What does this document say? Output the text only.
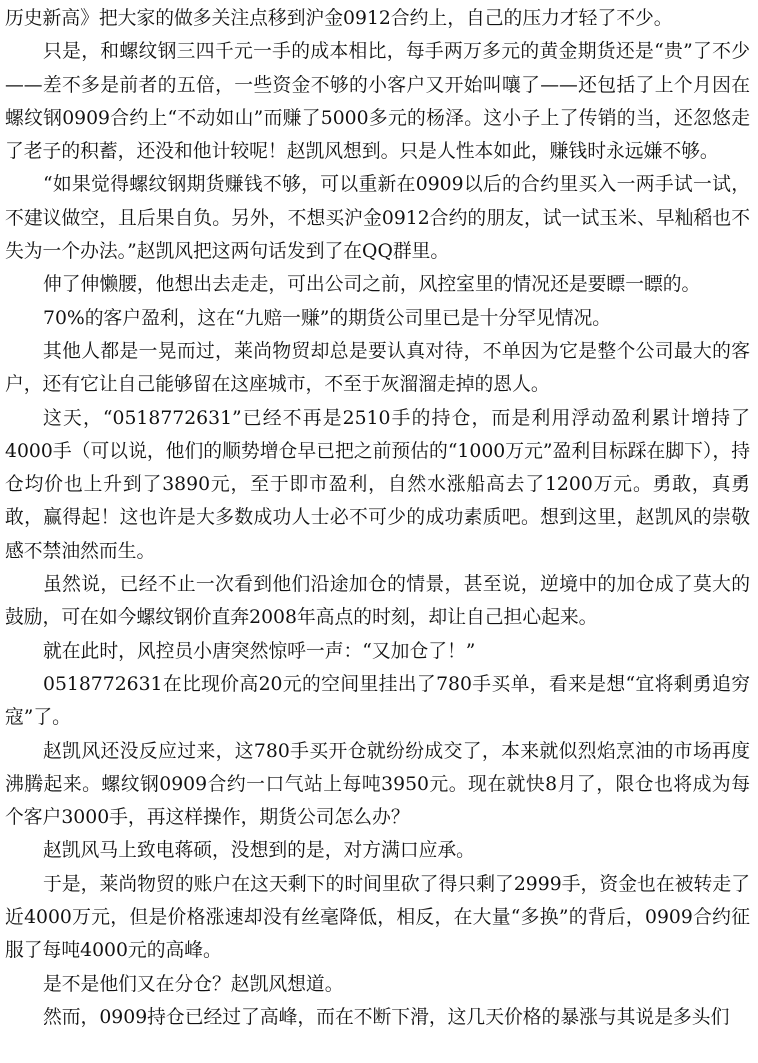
历史新高》把大家的做多关注点移到沪金0912合约上，自己的压力才轻了不少。

只是，和螺纹钢三四千元一手的成本相比，每手两万多元的黄金期货还是“贵”了不少——差不多是前者的五倍，一些资金不够的小客户又开始叫嚷了——还包括了上个月因在螺纹钢0909合约上“不动如山”而赚了5000多元的杨泽。这小子上了传销的当，还忽悠走了老子的积蓄，还没和他计较呢！赵凯风想到。只是人性本如此，赚钱时永远嫌不够。

“如果觉得螺纹钢期货赚钱不够，可以重新在0909以后的合约里买入一两手试一试，不建议做空，且后果自负。另外，不想买沪金0912合约的朋友，试一试玉米、早籼稻也不失为一个办法。”赵凯风把这两句话发到了在QQ群里。

伸了伸懒腰，他想出去走走，可出公司之前，风控室里的情况还是要瞟一瞟的。

70%的客户盈利，这在“九赔一赚”的期货公司里已是十分罕见情况。

其他人都是一晃而过，莱尚物贸却总是要认真对待，不单因为它是整个公司最大的客户，还有它让自己能够留在这座城市，不至于灰溜溜走掉的恩人。

这天，“0518772631”已经不再是2510手的持仓，而是利用浮动盈利累计增持了4000手（可以说，他们的顺势增仓早已把之前预估的“1000万元”盈利目标踩在脚下），持仓均价也上升到了3890元，至于即市盈利，自然水涨船高去了1200万元。勇敢，真勇敢，赢得起！这也许是大多数成功人士必不可少的成功素质吧。想到这里，赵凯风的崇敬感不禁油然而生。

虽然说，已经不止一次看到他们沿途加仓的情景，甚至说，逆境中的加仓成了莫大的鼓励，可在如今螺纹钢价直奔2008年高点的时刻，却让自己担心起来。

就在此时，风控员小唐突然惊呼一声：“又加仓了！”

0518772631在比现价高20元的空间里挂出了780手买单，看来是想“宜将剩勇追穷寇”了。

赵凯风还没反应过来，这780手买开仓就纷纷成交了，本来就似烈焰烹油的市场再度沸腾起来。螺纹钢0909合约一口气站上每吨3950元。现在就快8月了，限仓也将成为每个客户3000手，再这样操作，期货公司怎么办？

赵凯风马上致电蒋硕，没想到的是，对方满口应承。

于是，莱尚物贸的账户在这天剩下的时间里砍了得只剩了2999手，资金也在被转走了近4000万元，但是价格涨速却没有丝毫降低，相反，在大量“多换”的背后，0909合约征服了每吨4000元的高峰。

是不是他们又在分仓？赵凯风想道。

然而，0909持仓已经过了高峰，而在不断下滑，这几天价格的暴涨与其说是多头们
